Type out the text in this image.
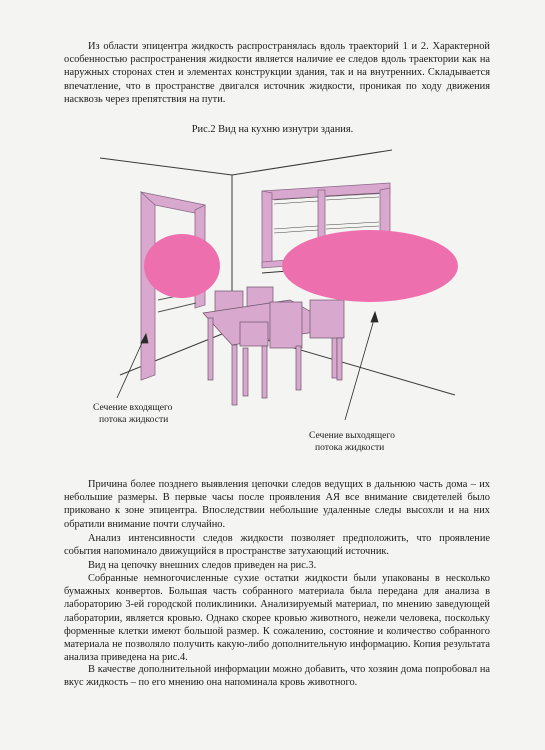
Из области эпицентра жидкость распространялась вдоль траекторий 1 и 2. Характерной особенностью распространения жидкости является наличие ее следов вдоль траектории как на наружных сторонах стен и элементах конструкции здания, так и на внутренних. Складывается впечатление, что в пространстве двигался источник жидкости, проникая по ходу движения насквозь через препятствия на пути.

Рис.2 Вид на кухню изнутри здания.
Сечение входящего
потока жидкости
Сечение выходящего
потока жидкости

Причина более позднего выявления цепочки следов ведущих в дальнюю часть дома – их небольшие размеры. В первые часы после проявления АЯ все внимание свидетелей было приковано к зоне эпицентра. Впоследствии небольшие удаленные следы высохли и на них обратили внимание почти случайно.

Анализ интенсивности следов жидкости позволяет предположить, что проявление события напоминало движущийся в пространстве затухающий источник.

Вид на цепочку внешних следов приведен на рис.3.

Собранные немногочисленные сухие остатки жидкости были упакованы в несколько бумажных конвертов. Большая часть собранного материала была передана для анализа в лабораторию 3-ей городской поликлиники. Анализируемый материал, по мнению заведующей лаборатории, является кровью. Однако скорее кровью животного, нежели человека, поскольку форменные клетки имеют большой размер. К сожалению, состояние и количество собранного материала не позволяло получить какую-либо дополнительную информацию. Копия результата анализа приведена на рис.4.

В качестве дополнительной информации можно добавить, что хозяин дома попробовал на вкус жидкость – по его мнению она напоминала кровь животного.
